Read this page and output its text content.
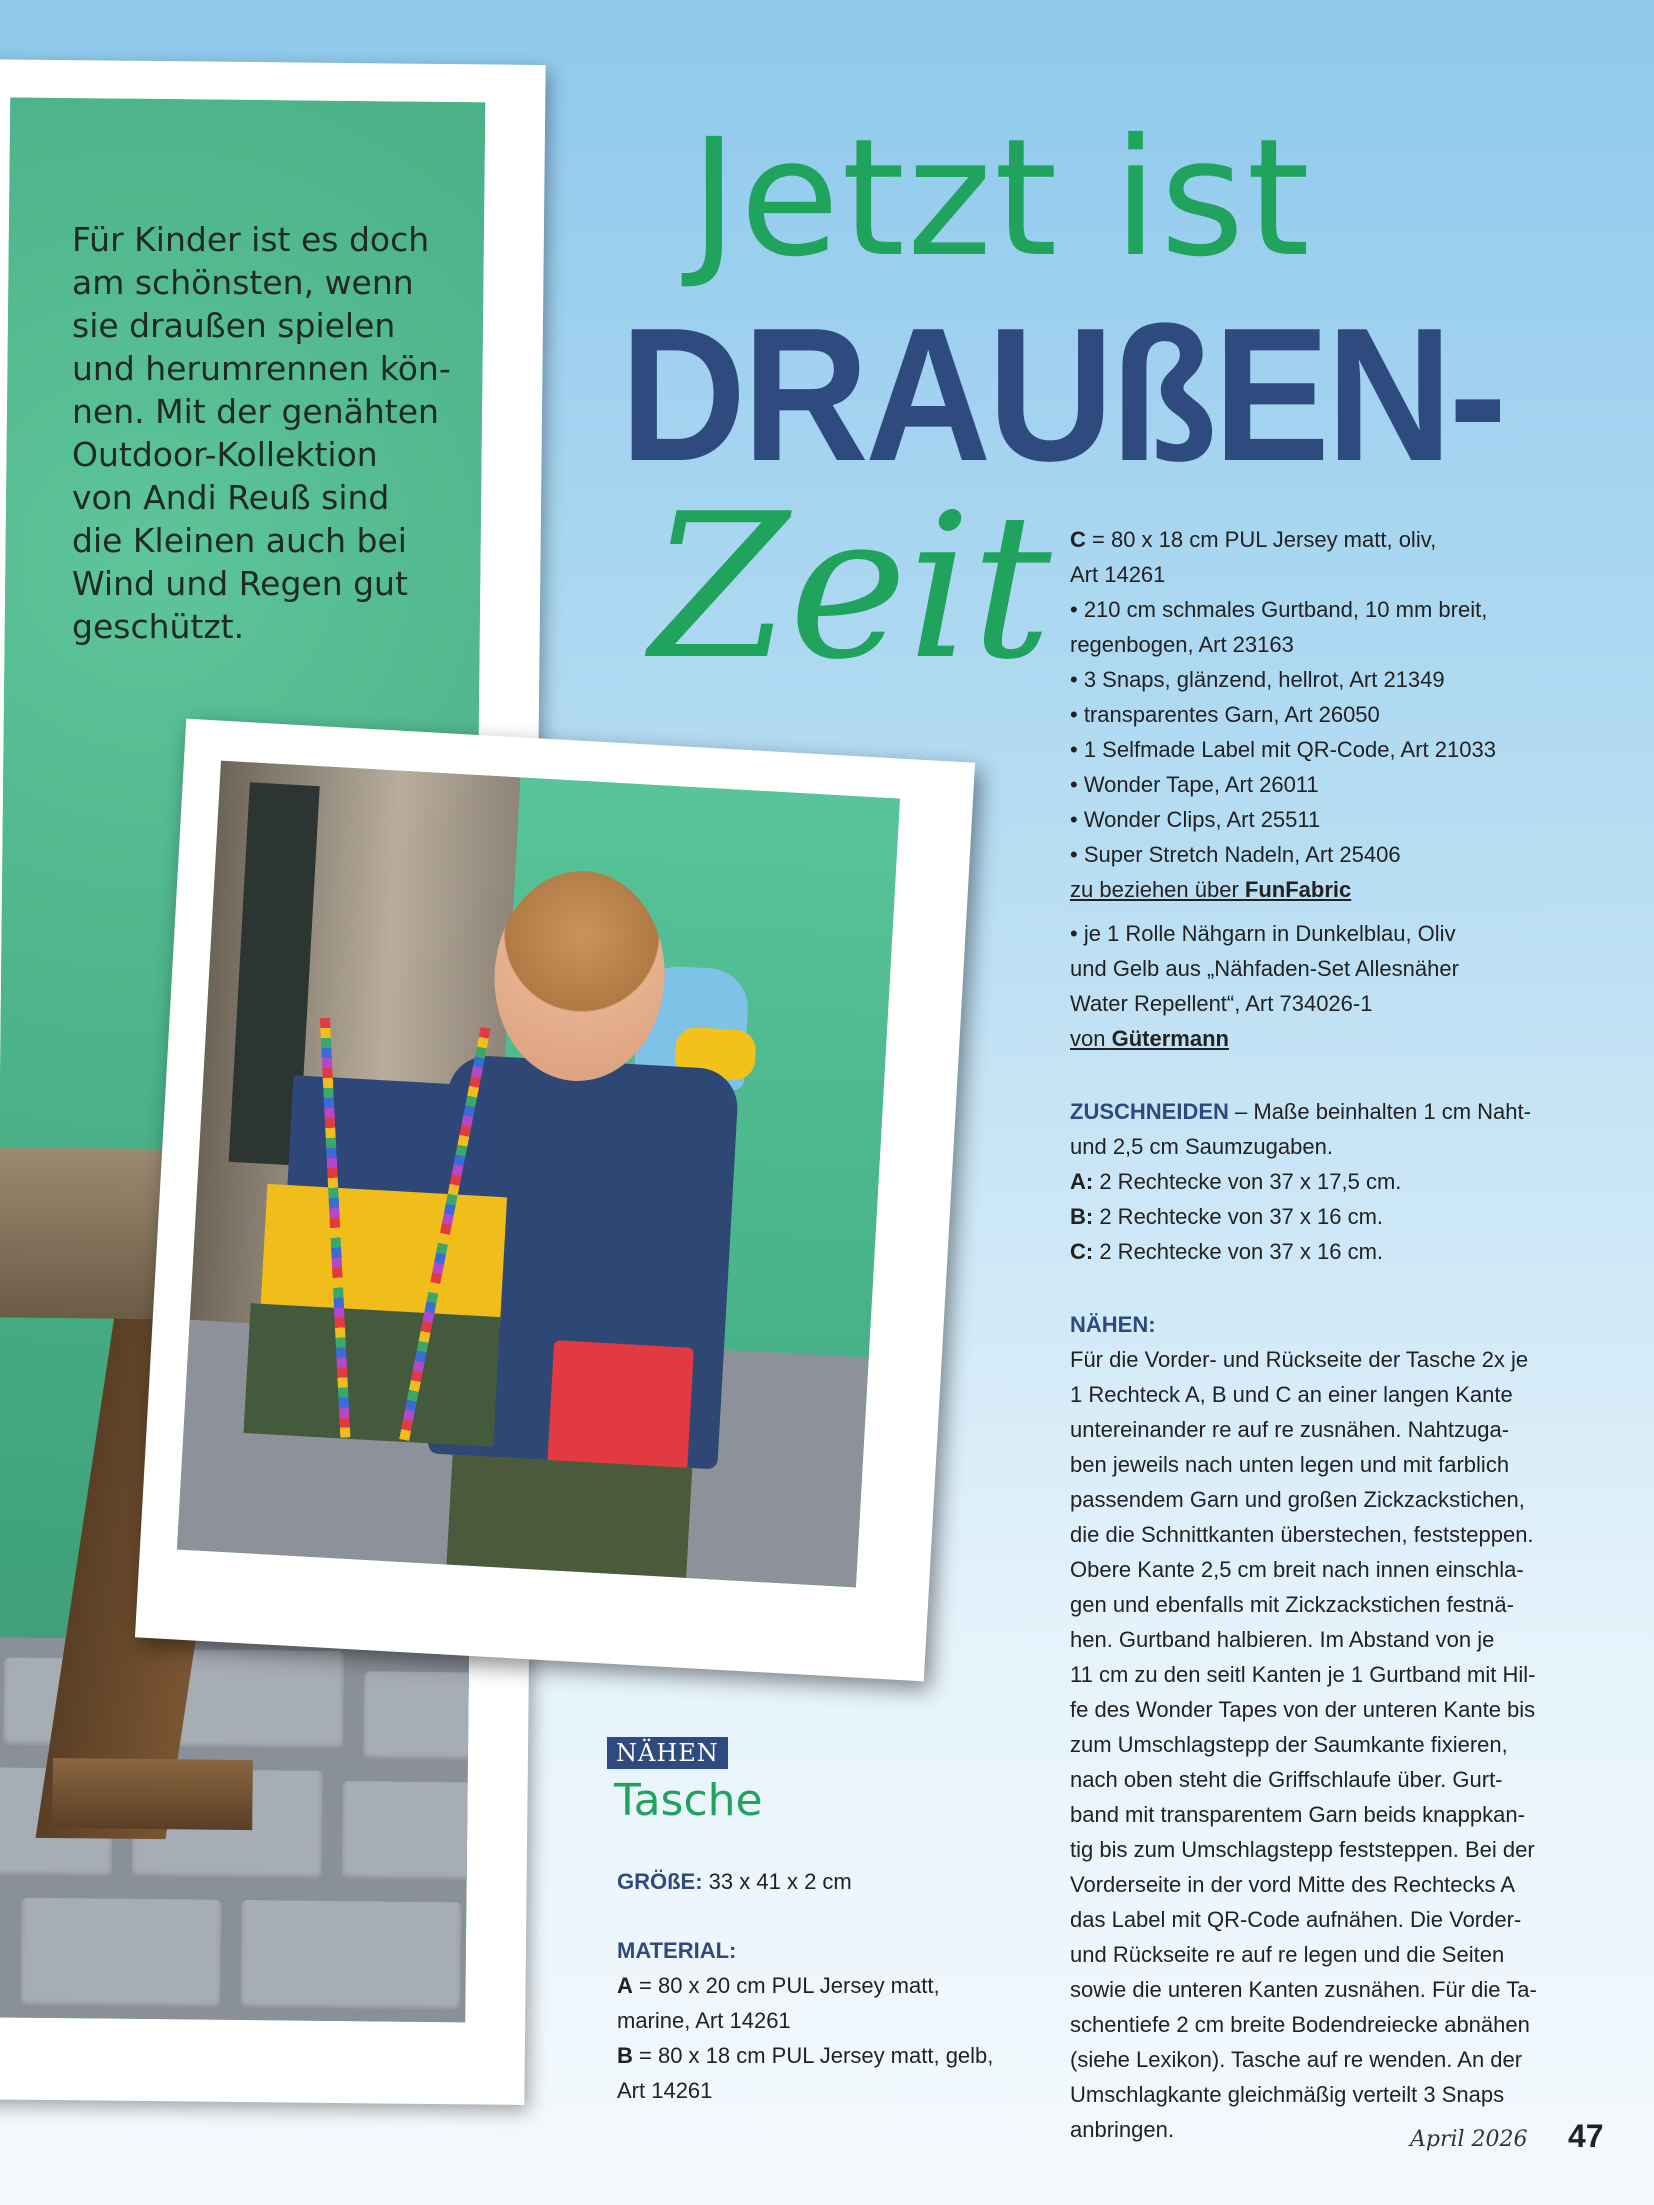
Für Kinder ist es doch
am schönsten, wenn
sie draußen spielen
und herumrennen kön-
nen. Mit der genähten
Outdoor-Kollektion
von Andi Reuß sind
die Kleinen auch bei
Wind und Regen gut
geschützt.
Jetzt ist
DRAUßEN-
Zeit
NÄHEN
Tasche
GRÖßE: 33 x 41 x 2 cm
MATERIAL:
A = 80 x 20 cm PUL Jersey matt,
marine, Art 14261
B = 80 x 18 cm PUL Jersey matt, gelb,
Art 14261

C = 80 x 18 cm PUL Jersey matt, oliv,

Art 14261

• 210 cm schmales Gurtband, 10 mm breit,

regenbogen, Art 23163

• 3 Snaps, glänzend, hellrot, Art 21349

• transparentes Garn, Art 26050

• 1 Selfmade Label mit QR-Code, Art 21033

• Wonder Tape, Art 26011

• Wonder Clips, Art 25511

• Super Stretch Nadeln, Art 25406

zu beziehen über FunFabric

• je 1 Rolle Nähgarn in Dunkelblau, Oliv

und Gelb aus „Nähfaden-Set Allesnäher

Water Repellent“, Art 734026-1

von Gütermann

ZUSCHNEIDEN – Maße beinhalten 1 cm Naht-

und 2,5 cm Saumzugaben.

A: 2 Rechtecke von 37 x 17,5 cm.

B: 2 Rechtecke von 37 x 16 cm.

C: 2 Rechtecke von 37 x 16 cm.

NÄHEN:

Für die Vorder- und Rückseite der Tasche 2x je

1 Rechteck A, B und C an einer langen Kante

untereinander re auf re zusnähen. Nahtzuga-

ben jeweils nach unten legen und mit farblich

passendem Garn und großen Zickzackstichen,

die die Schnittkanten überstechen, feststeppen.

Obere Kante 2,5 cm breit nach innen einschla-

gen und ebenfalls mit Zickzackstichen festnä-

hen. Gurtband halbieren. Im Abstand von je

11 cm zu den seitl Kanten je 1 Gurtband mit Hil-

fe des Wonder Tapes von der unteren Kante bis

zum Umschlagstepp der Saumkante fixieren,

nach oben steht die Griffschlaufe über. Gurt-

band mit transparentem Garn beids knappkan-

tig bis zum Umschlagstepp feststeppen. Bei der

Vorderseite in der vord Mitte des Rechtecks A

das Label mit QR-Code aufnähen. Die Vorder-

und Rückseite re auf re legen und die Seiten

sowie die unteren Kanten zusnähen. Für die Ta-

schentiefe 2 cm breite Bodendreiecke abnähen

(siehe Lexikon). Tasche auf re wenden. An der

Umschlagkante gleichmäßig verteilt 3 Snaps

anbringen.	April 2026 47
